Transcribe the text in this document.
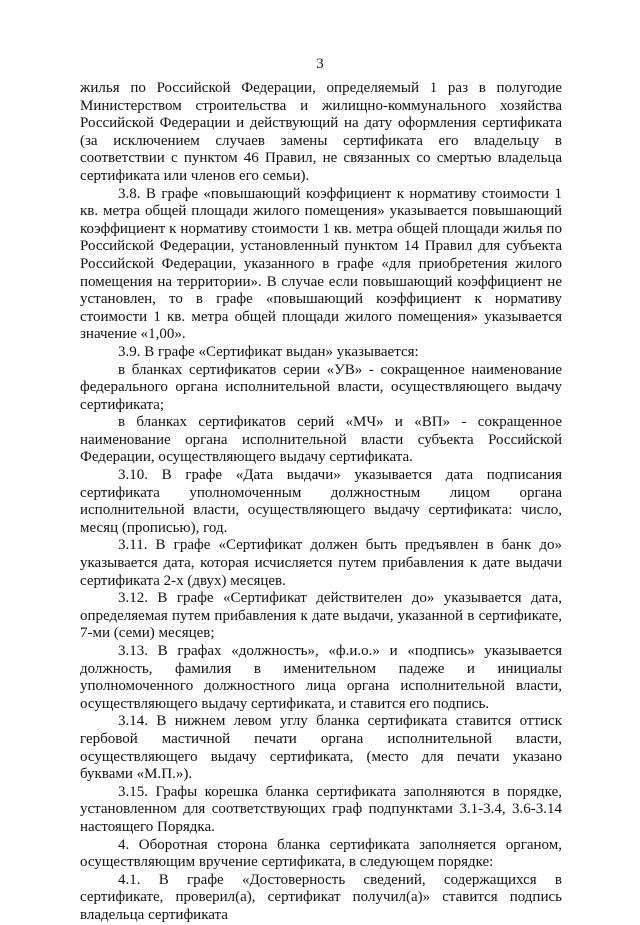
3

жилья по Российской Федерации, определяемый 1 раз в полугодие Министерством строительства и жилищно-коммунального хозяйства Российской Федерации и действующий на дату оформления сертификата (за исключением случаев замены сертификата его владельцу в соответствии с пунктом 46 Правил, не связанных со смертью владельца сертификата или членов его семьи).

3.8. В графе «повышающий коэффициент к нормативу стоимости 1 кв. метра общей площади жилого помещения» указывается повышающий коэффициент к нормативу стоимости 1 кв. метра общей площади жилья по Российской Федерации, установленный пунктом 14 Правил для субъекта Российской Федерации, указанного в графе «для приобретения жилого помещения на территории». В случае если повышающий коэффициент не установлен, то в графе «повышающий коэффициент к нормативу стоимости 1 кв. метра общей площади жилого помещения» указывается значение «1,00».

3.9. В графе «Сертификат выдан» указывается:

в бланках сертификатов серии «УВ» - сокращенное наименование федерального органа исполнительной власти, осуществляющего выдачу сертификата;

в бланках сертификатов серий «МЧ» и «ВП» - сокращенное наименование органа исполнительной власти субъекта Российской Федерации, осуществляющего выдачу сертификата.

3.10. В графе «Дата выдачи» указывается дата подписания сертификата уполномоченным должностным лицом органа исполнительной власти, осуществляющего выдачу сертификата: число, месяц (прописью), год.

3.11. В графе «Сертификат должен быть предъявлен в банк до» указывается дата, которая исчисляется путем прибавления к дате выдачи сертификата 2-х (двух) месяцев.

3.12. В графе «Сертификат действителен до» указывается дата, определяемая путем прибавления к дате выдачи, указанной в сертификате, 7-ми (семи) месяцев;

3.13. В графах «должность», «ф.и.о.» и «подпись» указывается должность, фамилия в именительном падеже и инициалы уполномоченного должностного лица органа исполнительной власти, осуществляющего выдачу сертификата, и ставится его подпись.

3.14. В нижнем левом углу бланка сертификата ставится оттиск гербовой мастичной печати органа исполнительной власти, осуществляющего выдачу сертификата, (место для печати указано буквами «М.П.»).

3.15. Графы корешка бланка сертификата заполняются в порядке, установленном для соответствующих граф подпунктами 3.1-3.4, 3.6-3.14 настоящего Порядка.

4. Оборотная сторона бланка сертификата заполняется органом, осуществляющим вручение сертификата, в следующем порядке:

4.1. В графе «Достоверность сведений, содержащихся в сертификате, проверил(а), сертификат получил(а)» ставится подпись владельца сертификата
